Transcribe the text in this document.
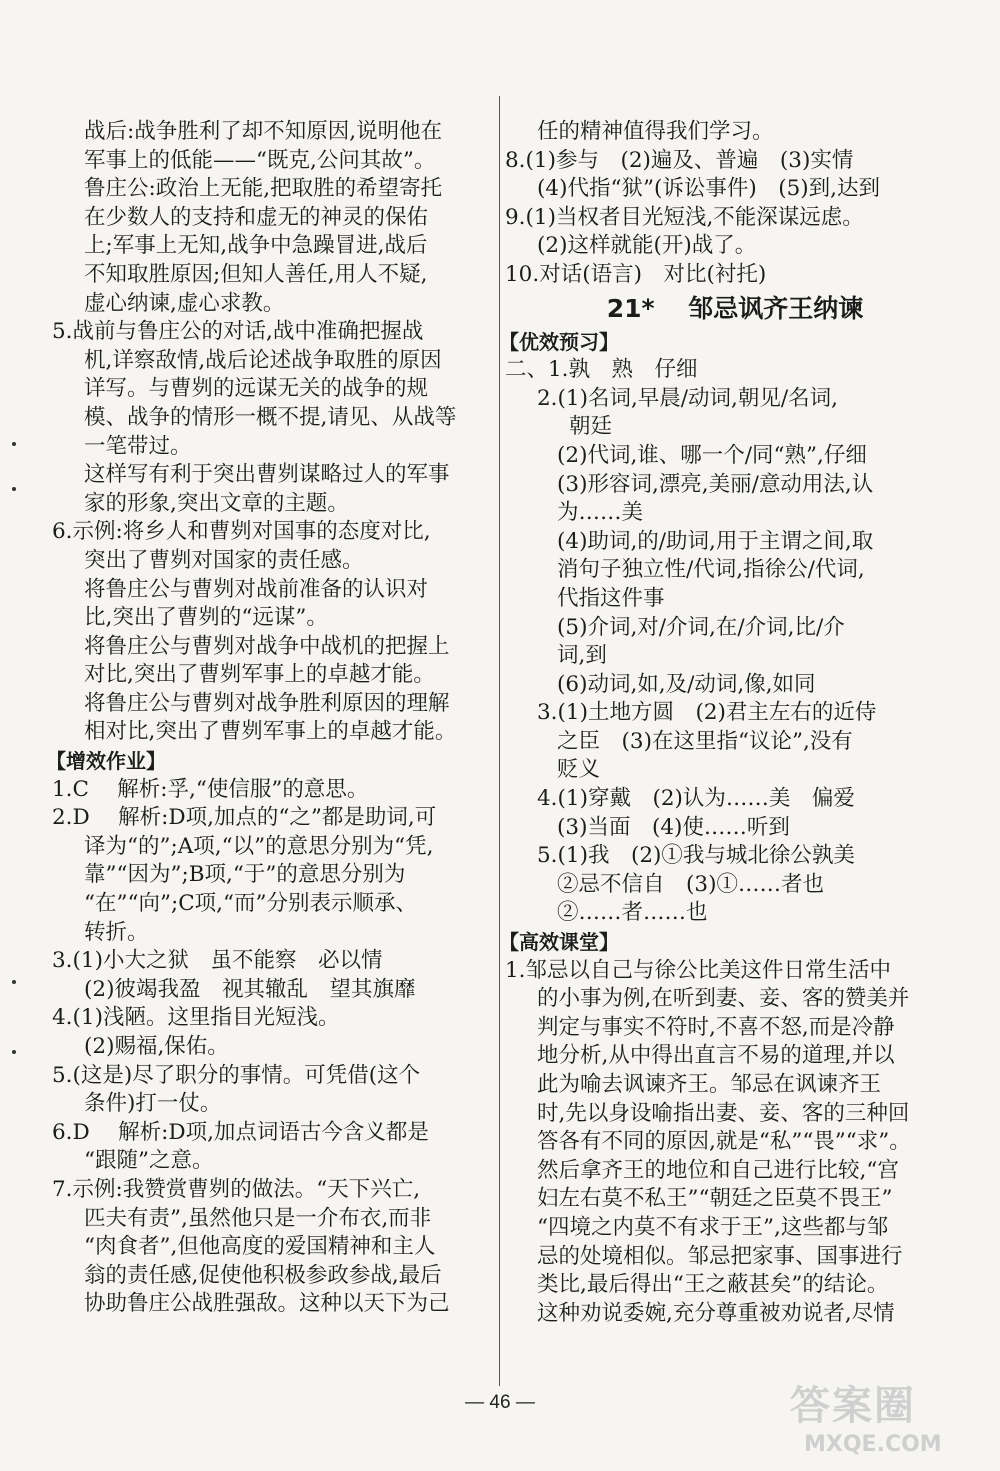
战后:战争胜利了却不知原因,说明他在
军事上的低能——“既克,公问其故”。
鲁庄公:政治上无能,把取胜的希望寄托
在少数人的支持和虚无的神灵的保佑
上;军事上无知,战争中急躁冒进,战后
不知取胜原因;但知人善任,用人不疑,
虚心纳谏,虚心求教。
5.战前与鲁庄公的对话,战中准确把握战
机,详察敌情,战后论述战争取胜的原因
详写。与曹刿的远谋无关的战争的规
模、战争的情形一概不提,请见、从战等
一笔带过。
这样写有利于突出曹刿谋略过人的军事
家的形象,突出文章的主题。
6.示例:将乡人和曹刿对国事的态度对比,
突出了曹刿对国家的责任感。
将鲁庄公与曹刿对战前准备的认识对
比,突出了曹刿的“远谋”。
将鲁庄公与曹刿对战争中战机的把握上
对比,突出了曹刿军事上的卓越才能。
将鲁庄公与曹刿对战争胜利原因的理解
相对比,突出了曹刿军事上的卓越才能。
【增效作业】
1.C　 解析:孚,“使信服”的意思。
2.D　 解析:D项,加点的“之”都是助词,可
译为“的”;A项,“以”的意思分别为“凭,
靠”“因为”;B项,“于”的意思分别为
“在”“向”;C项,“而”分别表示顺承、
转折。
3.(1)小大之狱　虽不能察　必以情
(2)彼竭我盈　视其辙乱　望其旗靡
4.(1)浅陋。这里指目光短浅。
(2)赐福,保佑。
5.(这是)尽了职分的事情。可凭借(这个
条件)打一仗。
6.D　 解析:D项,加点词语古今含义都是
“跟随”之意。
7.示例:我赞赏曹刿的做法。“天下兴亡,
匹夫有责”,虽然他只是一介布衣,而非
“肉食者”,但他高度的爱国精神和主人
翁的责任感,促使他积极参政参战,最后
协助鲁庄公战胜强敌。这种以天下为己
任的精神值得我们学习。
8.(1)参与　(2)遍及、普遍　(3)实情
(4)代指“狱”(诉讼事件)　(5)到,达到
9.(1)当权者目光短浅,不能深谋远虑。
(2)这样就能(开)战了。
10.对话(语言)　对比(衬托)
21* 　邹忌讽齐王纳谏
【优效预习】
二、1.孰　熟　仔细
2.(1)名词,早晨/动词,朝见/名词,
朝廷
(2)代词,谁、哪一个/同“熟”,仔细
(3)形容词,漂亮,美丽/意动用法,认
为……美
(4)助词,的/助词,用于主谓之间,取
消句子独立性/代词,指徐公/代词,
代指这件事
(5)介词,对/介词,在/介词,比/介
词,到
(6)动词,如,及/动词,像,如同
3.(1)土地方圆　(2)君主左右的近侍
之臣　(3)在这里指“议论”,没有
贬义
4.(1)穿戴　(2)认为……美　偏爱
(3)当面　(4)使……听到
5.(1)我　(2)①我与城北徐公孰美
②忌不信自　(3)①……者也
②……者……也
【高效课堂】
1.邹忌以自己与徐公比美这件日常生活中
的小事为例,在听到妻、妾、客的赞美并
判定与事实不符时,不喜不怒,而是冷静
地分析,从中得出直言不易的道理,并以
此为喻去讽谏齐王。邹忌在讽谏齐王
时,先以身设喻指出妻、妾、客的三种回
答各有不同的原因,就是“私”“畏”“求”。
然后拿齐王的地位和自己进行比较,“宫
妇左右莫不私王”“朝廷之臣莫不畏王”
“四境之内莫不有求于王”,这些都与邹
忌的处境相似。邹忌把家事、国事进行
类比,最后得出“王之蔽甚矣”的结论。
这种劝说委婉,充分尊重被劝说者,尽情
— 46 —	答案圈
MXQE.COM
